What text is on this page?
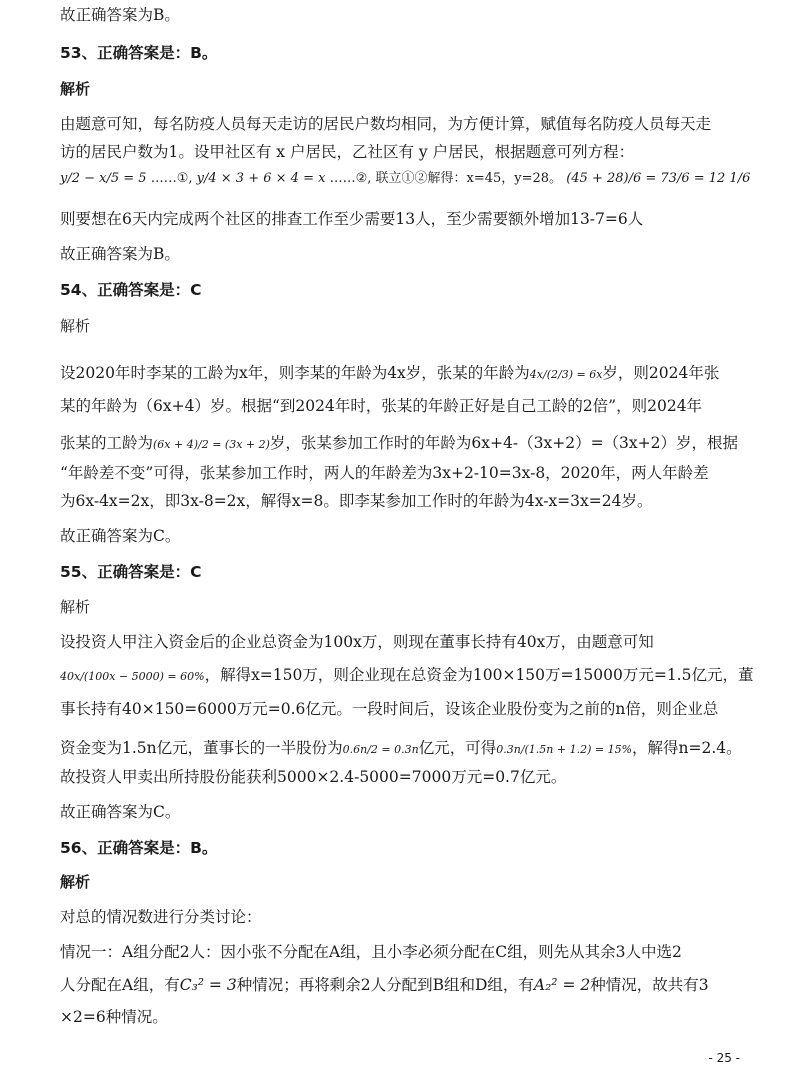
故正确答案为B。
53、正确答案是：B。
解析
由题意可知，每名防疫人员每天走访的居民户数均相同，为方便计算，赋值每名防疫人员每天走
访的居民户数为1。设甲社区有 x 户居民，乙社区有 y 户居民，根据题意可列方程：
y/2 − x/5 = 5 ……①, y/4 × 3 + 6 × 4 = x ……②, 联立①②解得：x=45，y=28。 (45 + 28)/6 = 73/6 = 12 1/6
则要想在6天内完成两个社区的排查工作至少需要13人，至少需要额外增加13-7=6人
故正确答案为B。
54、正确答案是：C
解析
设2020年时李某的工龄为x年，则李某的年龄为4x岁，张某的年龄为4x/(2/3) = 6x岁，则2024年张
某的年龄为（6x+4）岁。根据“到2024年时，张某的年龄正好是自己工龄的2倍”，则2024年
张某的工龄为(6x + 4)/2 = (3x + 2)岁，张某参加工作时的年龄为6x+4-（3x+2）=（3x+2）岁，根据
“年龄差不变”可得，张某参加工作时，两人的年龄差为3x+2-10=3x-8，2020年，两人年龄差
为6x-4x=2x，即3x-8=2x，解得x=8。即李某参加工作时的年龄为4x-x=3x=24岁。
故正确答案为C。
55、正确答案是：C
解析
设投资人甲注入资金后的企业总资金为100x万，则现在董事长持有40x万，由题意可知
40x/(100x − 5000) = 60%，解得x=150万，则企业现在总资金为100×150万=15000万元=1.5亿元，董
事长持有40×150=6000万元=0.6亿元。一段时间后，设该企业股份变为之前的n倍，则企业总
资金变为1.5n亿元，董事长的一半股份为0.6n/2 = 0.3n亿元，可得0.3n/(1.5n + 1.2) = 15%，解得n=2.4。
故投资人甲卖出所持股份能获利5000×2.4-5000=7000万元=0.7亿元。
故正确答案为C。
56、正确答案是：B。
解析
对总的情况数进行分类讨论：
情况一：A组分配2人：因小张不分配在A组，且小李必须分配在C组，则先从其余3人中选2
人分配在A组，有C₃² = 3种情况；再将剩余2人分配到B组和D组，有A₂² = 2种情况，故共有3
×2=6种情况。
- 25 -
